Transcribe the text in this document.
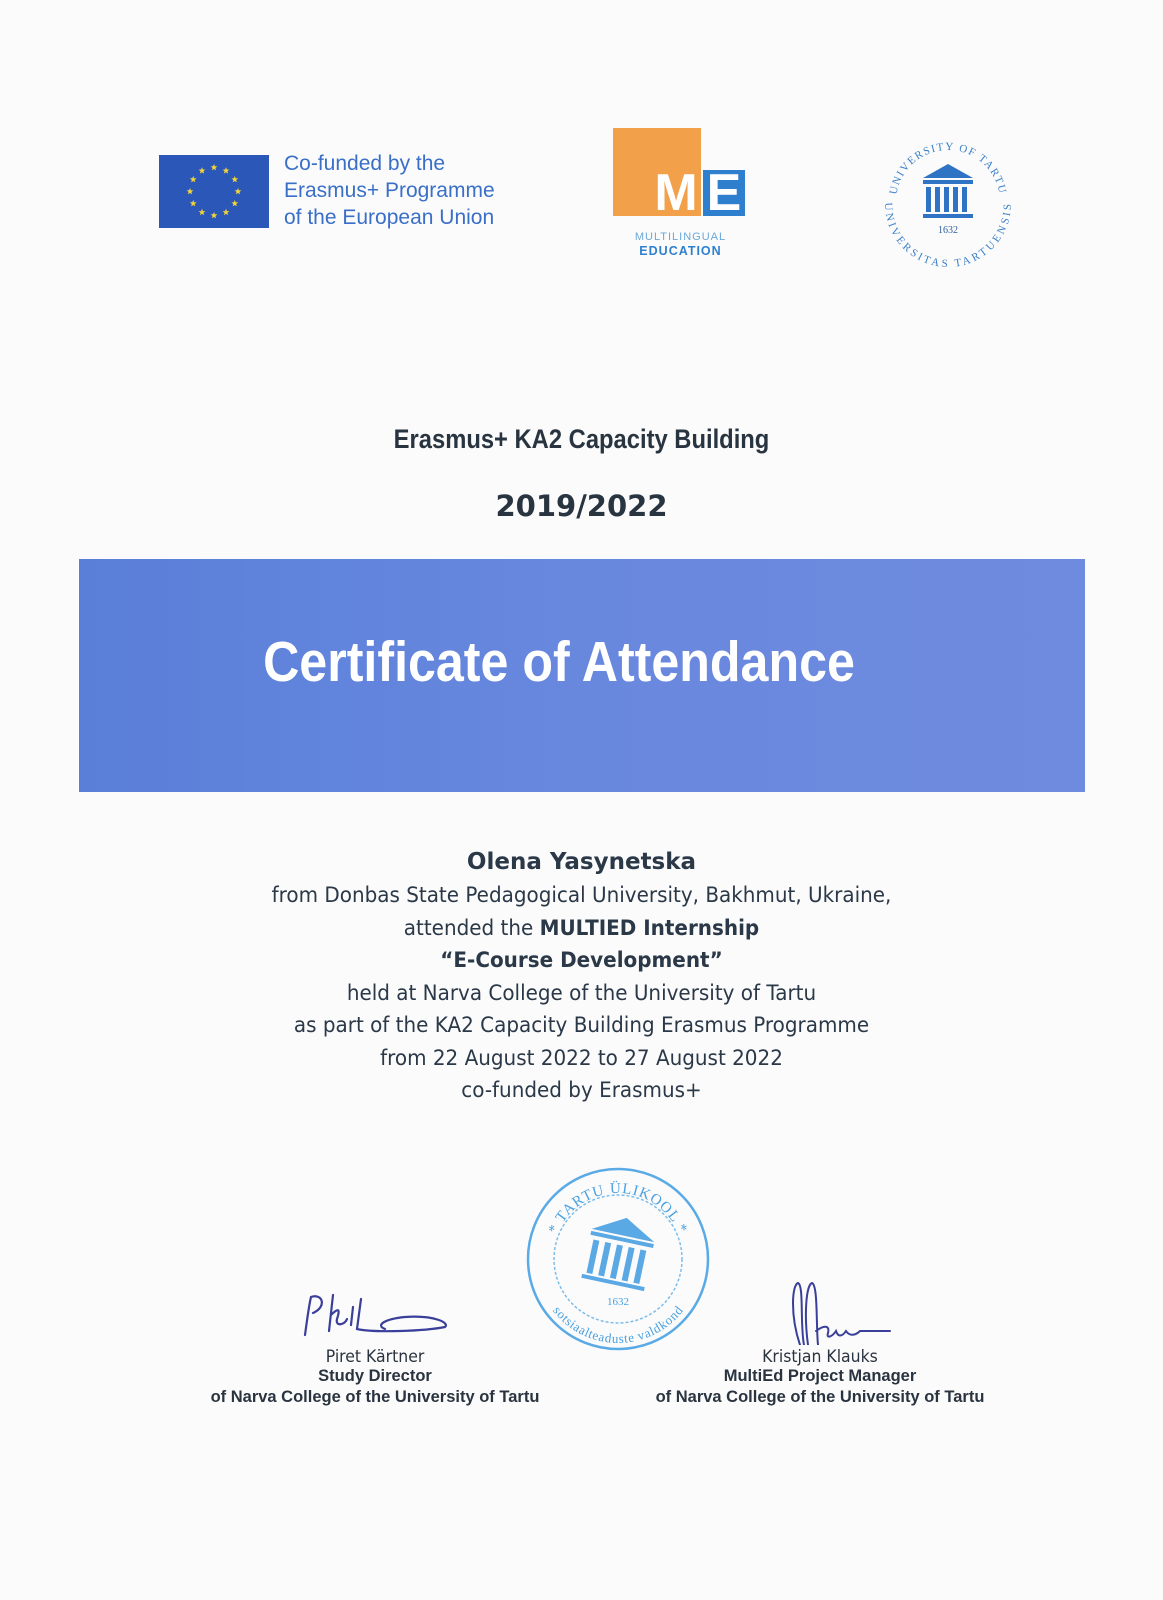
Co-funded by the
Erasmus+ Programme
of the European Union	M E
MULTILINGUAL
EDUCATION
UNIVERSITY OF TARTU
UNIVERSITAS TARTUENSIS
1632
Erasmus+ KA2 Capacity Building
2019/2022
Certificate of Attendance
Olena Yasynetska
from Donbas State Pedagogical University, Bakhmut, Ukraine,
attended the MULTIED Internship
“E-Course Development”
held at Narva College of the University of Tartu
as part of the KA2 Capacity Building Erasmus Programme
from 22 August 2022 to 27 August 2022
co-funded by Erasmus+
* TARTU ÜLIKOOL *
sotsiaalteaduste valdkond
1632
Piret Kärtner
Study Director
of Narva College of the University of Tartu
Kristjan Klauks
MultiEd Project Manager
of Narva College of the University of Tartu
